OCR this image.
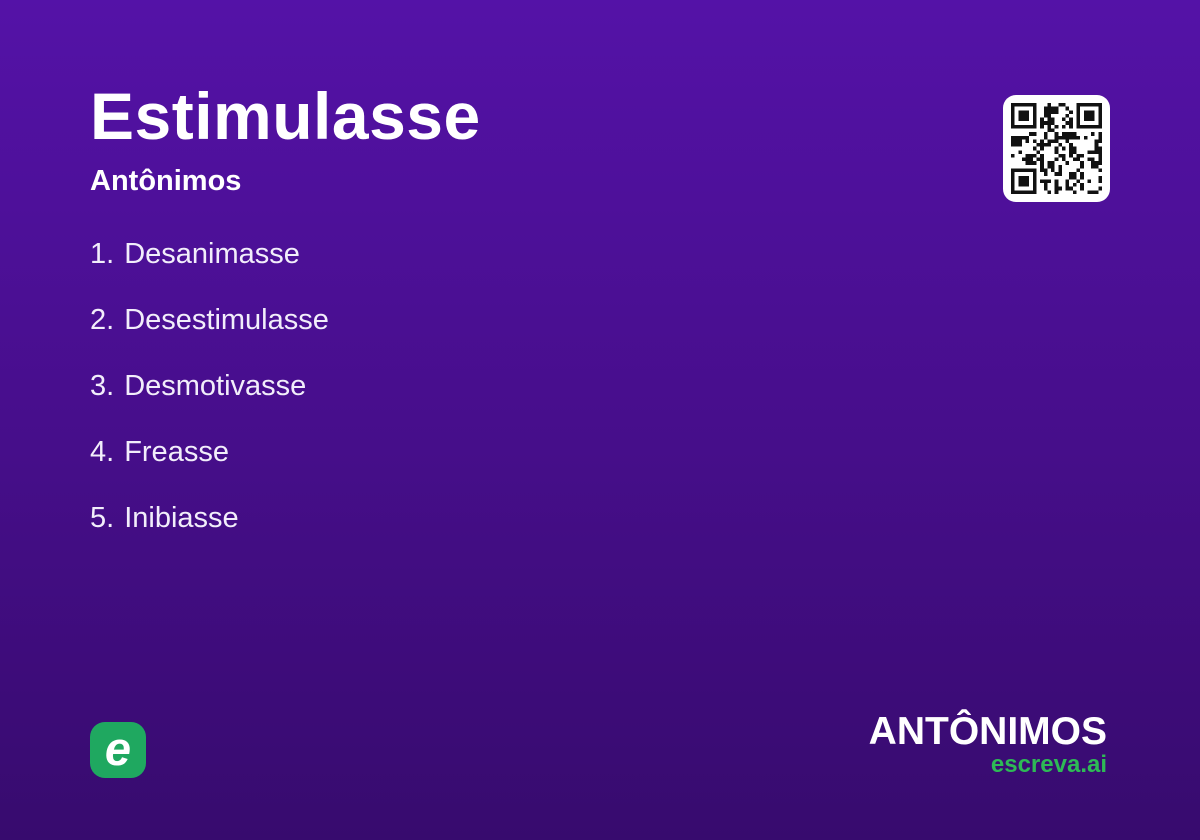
Estimulasse
Antônimos
1. Desanimasse
2. Desestimulasse
3. Desmotivasse
4. Freasse
5. Inibiasse
e	ANTÔNIMOS
escreva.ai
